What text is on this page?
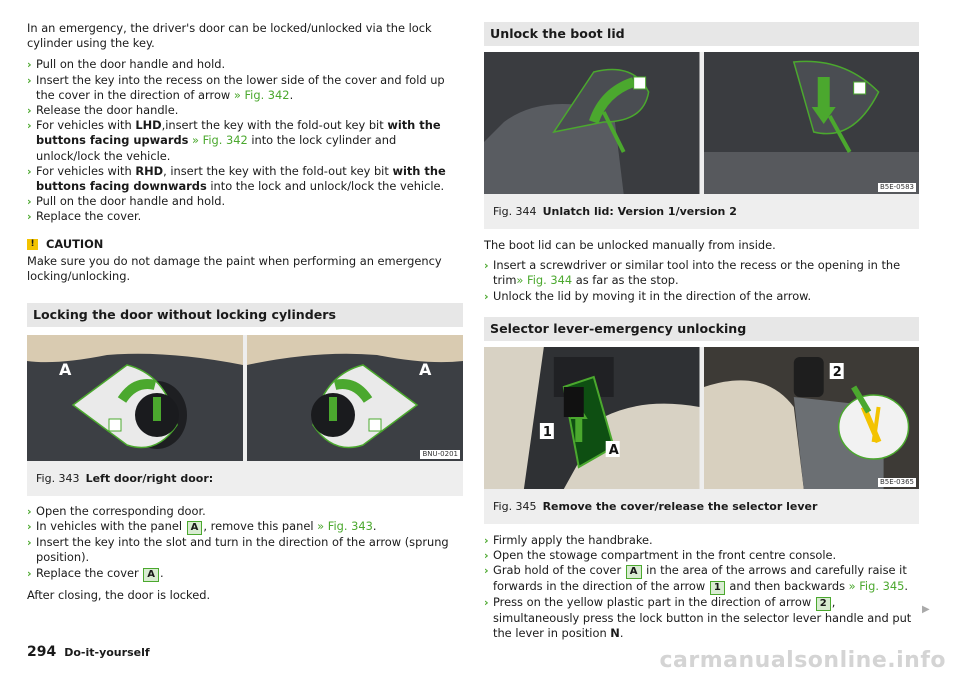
In an emergency, the driver's door can be locked/unlocked via the lock cylinder using the key.

› Pull on the door handle and hold.
› Insert the key into the recess on the lower side of the cover and fold up the cover in the direction of arrow » Fig. 342.
› Release the door handle.
› For vehicles with LHD,insert the key with the fold-out key bit with the buttons facing upwards » Fig. 342 into the lock cylinder and unlock/lock the vehicle.
› For vehicles with RHD, insert the key with the fold-out key bit with the buttons facing downwards into the lock and unlock/lock the vehicle.
› Pull on the door handle and hold.
› Replace the cover.
!	CAUTION

Make sure you do not damage the paint when performing an emergency locking/unlocking.

Locking the door without locking cylinders
A	A
BNU-0201
Fig. 343 Left door/right door:
› Open the corresponding door.
› In vehicles with the panel A , remove this panel » Fig. 343.
› Insert the key into the slot and turn in the direction of the arrow (sprung position).
› Replace the cover A .

After closing, the door is locked.

Unlock the boot lid
B5E-0583
Fig. 344 Unlatch lid: Version 1/version 2

The boot lid can be unlocked manually from inside.

› Insert a screwdriver or similar tool into the recess or the opening in the trim» Fig. 344 as far as the stop.
› Unlock the lid by moving it in the direction of the arrow.
Selector lever-emergency unlocking
1
A
2
B5E-0365
Fig. 345 Remove the cover/release the selector lever
› Firmly apply the handbrake.
› Open the stowage compartment in the front centre console.
› Grab hold of the cover A in the area of the arrows and carefully raise it forwards in the direction of the arrow 1 and then backwards » Fig. 345.
› Press on the yellow plastic part in the direction of arrow 2 , simultaneously press the lock button in the selector lever handle and put the lever in position N.
▶
294 Do-it-yourself	carmanualsonline.info
